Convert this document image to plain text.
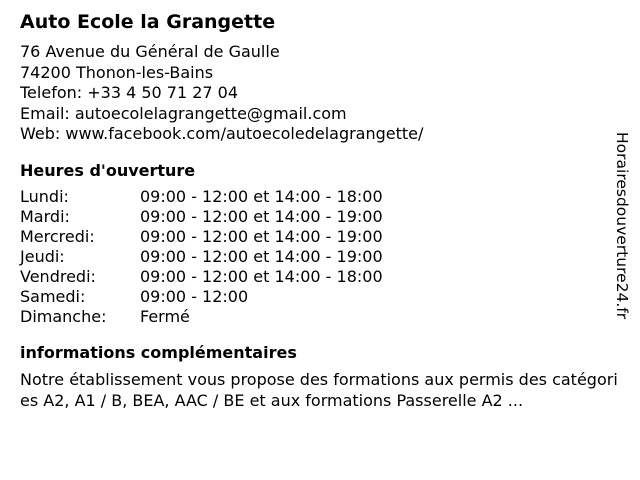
Auto Ecole la Grangette
76 Avenue du Général de Gaulle
74200 Thonon-les-Bains
Telefon: +33 4 50 71 27 04
Email: autoecolelagrangette@gmail.com
Web: www.facebook.com/autoecoledelagrangette/
Heures d'ouverture
Lundi:	09:00 - 12:00 et 14:00 - 18:00
Mardi:	09:00 - 12:00 et 14:00 - 19:00
Mercredi:	09:00 - 12:00 et 14:00 - 19:00
Jeudi:	09:00 - 12:00 et 14:00 - 19:00
Vendredi:	09:00 - 12:00 et 14:00 - 18:00
Samedi:	09:00 - 12:00
Dimanche:	Fermé
informations complémentaires
Notre établissement vous propose des formations aux permis des catégories A2, A1 / B, BEA, AAC / BE et aux formations Passerelle A2 ...
Horairesdouverture24.fr
